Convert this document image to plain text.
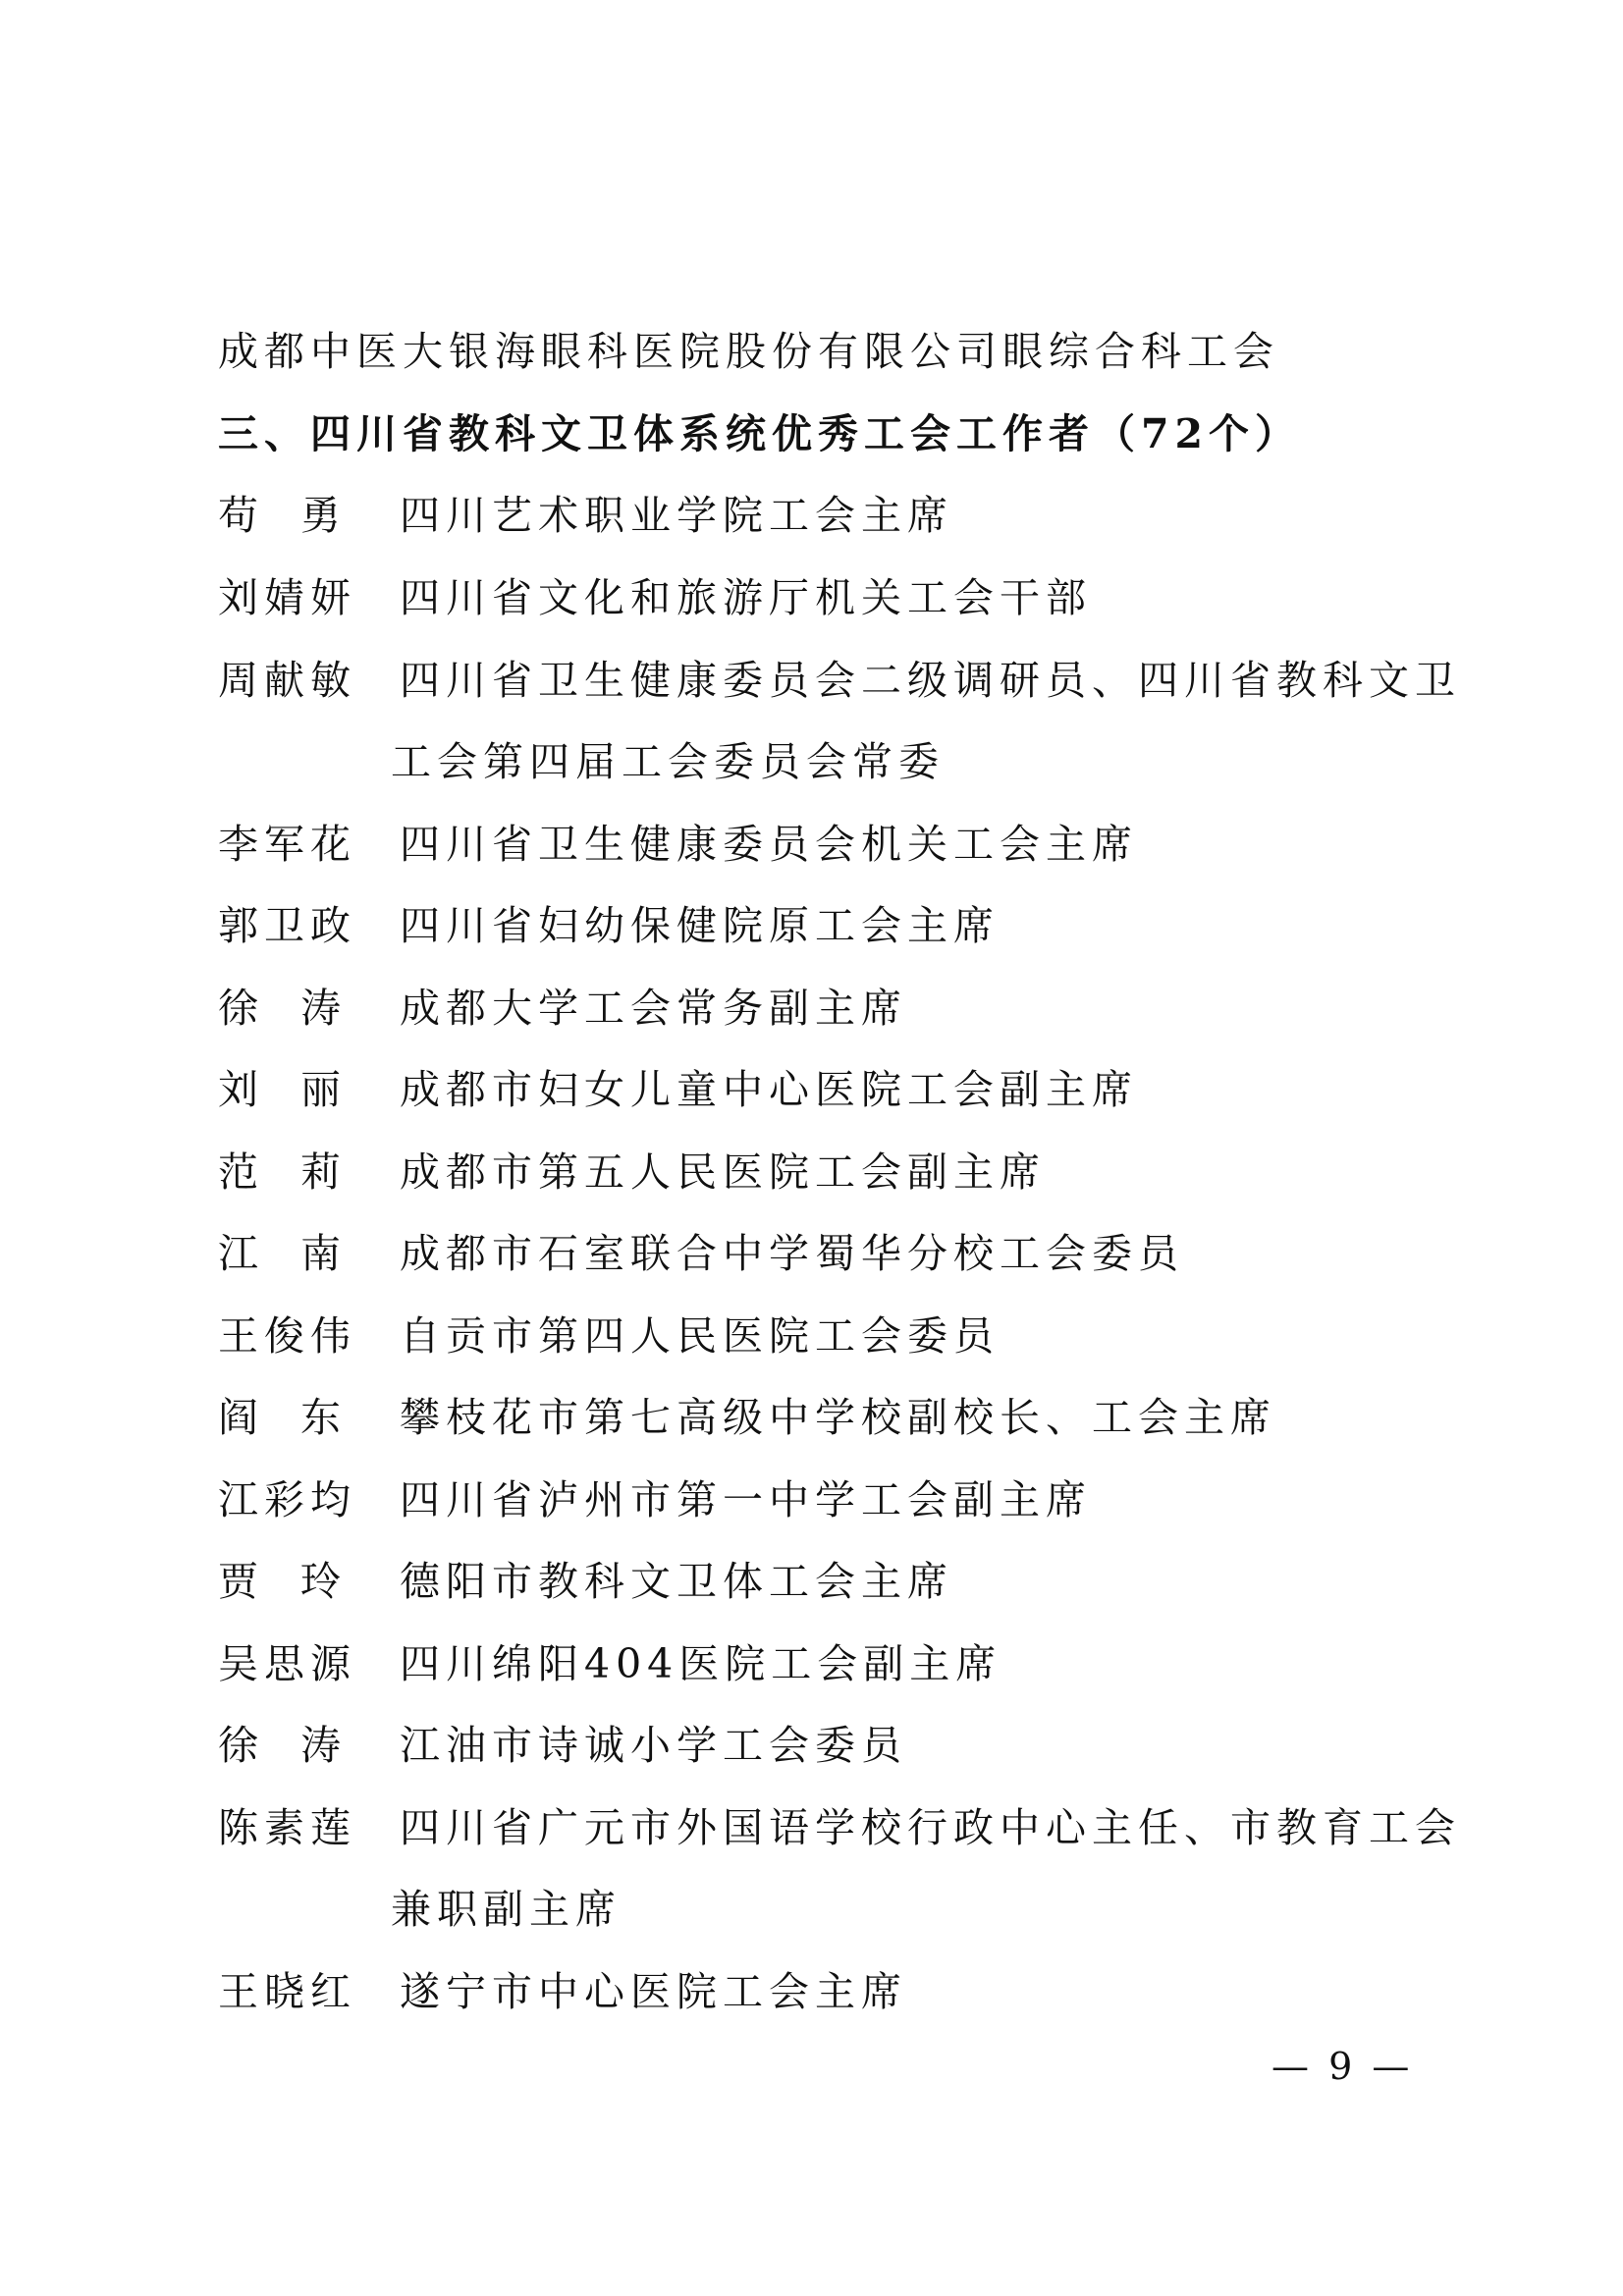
成都中医大银海眼科医院股份有限公司眼综合科工会
三、四川省教科文卫体系统优秀工会工作者（72个）
苟勇 四川艺术职业学院工会主席
刘婧妍 四川省文化和旅游厅机关工会干部
周献敏 四川省卫生健康委员会二级调研员、四川省教科文卫
工会第四届工会委员会常委
李军花 四川省卫生健康委员会机关工会主席
郭卫政 四川省妇幼保健院原工会主席
徐涛 成都大学工会常务副主席
刘丽 成都市妇女儿童中心医院工会副主席
范莉 成都市第五人民医院工会副主席
江南 成都市石室联合中学蜀华分校工会委员
王俊伟 自贡市第四人民医院工会委员
阎东 攀枝花市第七高级中学校副校长、工会主席
江彩均 四川省泸州市第一中学工会副主席
贾玲 德阳市教科文卫体工会主席
吴思源 四川绵阳404医院工会副主席
徐涛 江油市诗诚小学工会委员
陈素莲 四川省广元市外国语学校行政中心主任、市教育工会
兼职副主席
王晓红 遂宁市中心医院工会主席
— 9 —
